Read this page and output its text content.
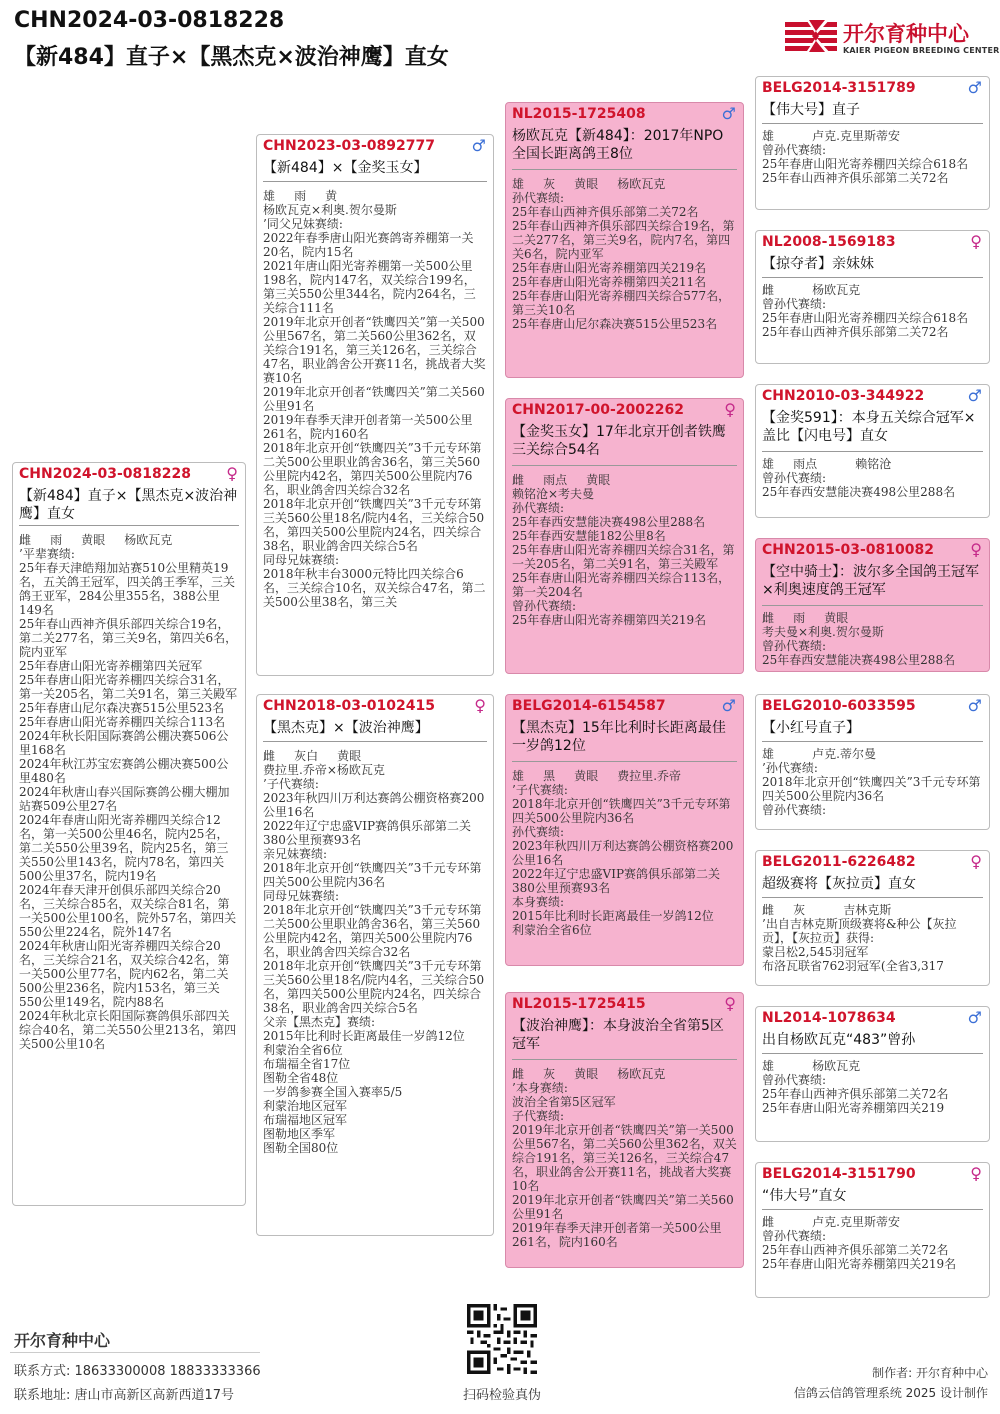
CHN2024-03-0818228
【新484】直子×【黑杰克×波治神鹰】直女
开尔育种中心
KAIER PIGEON BREEDING CENTER
CHN2024-03-0818228 ♀
【新484】直子×【黑杰克×波治神鹰】直女
雌     雨     黄眼     杨欧瓦克
’平辈赛绩:
25年春天津皓翔加站赛510公里精英19名，五关鸽王冠军，四关鸽王季军，三关鸽王亚军，284公里355名，388公里149名
25年春山西神齐俱乐部四关综合19名，第二关277名，第三关9名，第四关6名，院内亚军
25年春唐山阳光寄养棚第四关冠军
25年春唐山阳光寄养棚四关综合31名，第一关205名，第二关91名，第三关殿军
25年春唐山尼尔森决赛515公里523名
25年春唐山阳光寄养棚四关综合113名
2024年秋长阳国际赛鸽公棚决赛506公里168名
2024年秋江苏宝宏赛鸽公棚决赛500公里480名
2024年秋唐山春兴国际赛鸽公棚大棚加站赛509公里27名
2024年春唐山阳光寄养棚四关综合12名，第一关500公里46名，院内25名，第二关550公里39名，院内25名，第三关550公里143名，院内78名，第四关500公里37名，院内19名
2024年春天津开创俱乐部四关综合20名，三关综合85名，双关综合81名，第一关500公里100名，院外57名，第四关550公里224名，院外147名
2024年秋唐山阳光寄养棚四关综合20名，三关综合21名，双关综合42名，第一关500公里77名，院内62名，第二关500公里236名，院内153名，第三关550公里149名，院内88名
2024年秋北京长阳国际赛鸽俱乐部四关综合40名，第二关550公里213名，第四关500公里10名
CHN2023-03-0892777 ♂
【新484】×【金奖玉女】
雄     雨     黄
杨欧瓦克×利奥.贺尔曼斯
’同父兄妹赛绩:
2022年春季唐山阳光赛鸽寄养棚第一关20名，院内15名
2021年唐山阳光寄养棚第一关500公里198名，院内147名，双关综合199名，第三关550公里344名，院内264名，三关综合111名
2019年北京开创者“铁鹰四关”第一关500公里567名，第二关560公里362名，双关综合191名，第三关126名，三关综合47名，职业鸽舍公开赛11名，挑战者大奖赛10名
2019年北京开创者“铁鹰四关”第二关560公里91名
2019年春季天津开创者第一关500公里261名，院内160名
2018年北京开创“铁鹰四关”3千元专环第二关500公里职业鸽舍36名，第三关560公里院内42名，第四关500公里院内76名，职业鸽舍四关综合32名
2018年北京开创“铁鹰四关”3千元专环第三关560公里18名/院内4名，三关综合50名，第四关500公里院内24名，四关综合38名，职业鸽舍四关综合5名
同母兄妹赛绩:
2018年秋丰台3000元特比四关综合6名，三关综合10名，双关综合47名，第二关500公里38名，第三关
CHN2018-03-0102415 ♀
【黑杰克】×【波治神鹰】
雌     灰白     黄眼
费拉里.乔帝×杨欧瓦克
’子代赛绩:
2023年秋四川万利达赛鸽公棚资格赛200公里16名
2022年辽宁忠盛VIP赛鸽俱乐部第二关380公里预赛93名
亲兄妹赛绩:
2018年北京开创“铁鹰四关”3千元专环第四关500公里院内36名
同母兄妹赛绩:
2018年北京开创“铁鹰四关”3千元专环第二关500公里职业鸽舍36名，第三关560公里院内42名，第四关500公里院内76名，职业鸽舍四关综合32名
2018年北京开创“铁鹰四关”3千元专环第三关560公里18名/院内4名，三关综合50名，第四关500公里院内24名，四关综合38名，职业鸽舍四关综合5名
父亲【黑杰克】赛绩:
2015年比利时长距离最佳一岁鸽12位
利蒙治全省6位
布瑞福全省17位
图勒全省48位
一岁鸽参赛全国入赛率5/5
利蒙治地区冠军
布瑞福地区冠军
图勒地区季军
图勒全国80位
NL2015-1725408	♂
杨欧瓦克【新484】：2017年NPO全国长距离鸽王8位
雄     灰     黄眼     杨欧瓦克
孙代赛绩:
25年春山西神齐俱乐部第二关72名
25年春山西神齐俱乐部四关综合19名，第二关277名，第三关9名，院内7名，第四关6名，院内亚军
25年春唐山阳光寄养棚第四关219名
25年春唐山阳光寄养棚第四关211名
25年春唐山阳光寄养棚四关综合577名，第三关10名
25年春唐山尼尔森决赛515公里523名
CHN2017-00-2002262	♀
【金奖玉女】17年北京开创者铁鹰三关综合54名
雌     雨点     黄眼
赖铭沧×考夫曼
孙代赛绩:
25年春西安慧能决赛498公里288名
25年春西安慧能182公里8名
25年春唐山阳光寄养棚四关综合31名，第一关205名，第二关91名，第三关殿军
25年春唐山阳光寄养棚四关综合113名，第一关204名
曾孙代赛绩:
25年春唐山阳光寄养棚第四关219名
BELG2014-6154587	♂
【黑杰克】15年比利时长距离最佳一岁鸽12位
雄     黑     黄眼     费拉里.乔帝
’子代赛绩:
2018年北京开创“铁鹰四关”3千元专环第四关500公里院内36名
孙代赛绩:
2023年秋四川万利达赛鸽公棚资格赛200公里16名
2022年辽宁忠盛VIP赛鸽俱乐部第二关380公里预赛93名
本身赛绩:
2015年比利时长距离最佳一岁鸽12位
利蒙治全省6位
NL2015-1725415	♀
【波治神鹰】：本身波治全省第5区冠军
雌     灰     黄眼     杨欧瓦克
’本身赛绩:
波治全省第5区冠军
子代赛绩:
2019年北京开创者“铁鹰四关”第一关500公里567名，第二关560公里362名，双关综合191名，第三关126名，三关综合47名，职业鸽舍公开赛11名，挑战者大奖赛10名
2019年北京开创者“铁鹰四关”第二关560公里91名
2019年春季天津开创者第一关500公里261名，院内160名
BELG2014-3151789	♂
【伟大号】直子
雄          卢克.克里斯蒂安
曾孙代赛绩:
25年春唐山阳光寄养棚四关综合618名
25年春山西神齐俱乐部第二关72名
NL2008-1569183	♀
【掠夺者】亲妹妹
雌          杨欧瓦克
曾孙代赛绩:
25年春唐山阳光寄养棚四关综合618名
25年春山西神齐俱乐部第二关72名
CHN2010-03-344922	♂
【金奖591】：本身五关综合冠军×盖比【闪电号】直女
雄     雨点          赖铭沧
曾孙代赛绩:
25年春西安慧能决赛498公里288名
CHN2015-03-0810082 ♀
【空中骑士】：波尔多全国鸽王冠军×利奥速度鸽王冠军
雌     雨     黄眼
考夫曼×利奥.贺尔曼斯
曾孙代赛绩:
25年春西安慧能决赛498公里288名
BELG2010-6033595	♂
【小红号直子】
雄          卢克.蒂尔曼
’孙代赛绩:
2018年北京开创“铁鹰四关”3千元专环第四关500公里院内36名
曾孙代赛绩:
BELG2011-6226482	♀
超级赛将【灰拉贡】直女
雌     灰          吉林克斯
’出自吉林克斯顶级赛将&种公【灰拉贡】，【灰拉贡】获得:
蒙吕松2,545羽冠军
布洛瓦联省762羽冠军(全省3,317
NL2014-1078634	♂
出自杨欧瓦克“483”曾孙
雄          杨欧瓦克
曾孙代赛绩:
25年春山西神齐俱乐部第二关72名
25年春唐山阳光寄养棚第四关219
BELG2014-3151790	♀
“伟大号”直女
雌          卢克.克里斯蒂安
曾孙代赛绩:
25年春山西神齐俱乐部第二关72名
25年春唐山阳光寄养棚第四关219名
开尔育种中心
联系方式: 18633300008 18833333366
联系地址: 唐山市高新区高新西道17号	扫码检验真伪
制作者: 开尔育种中心
信鸽云信鸽管理系统 2025 设计制作
